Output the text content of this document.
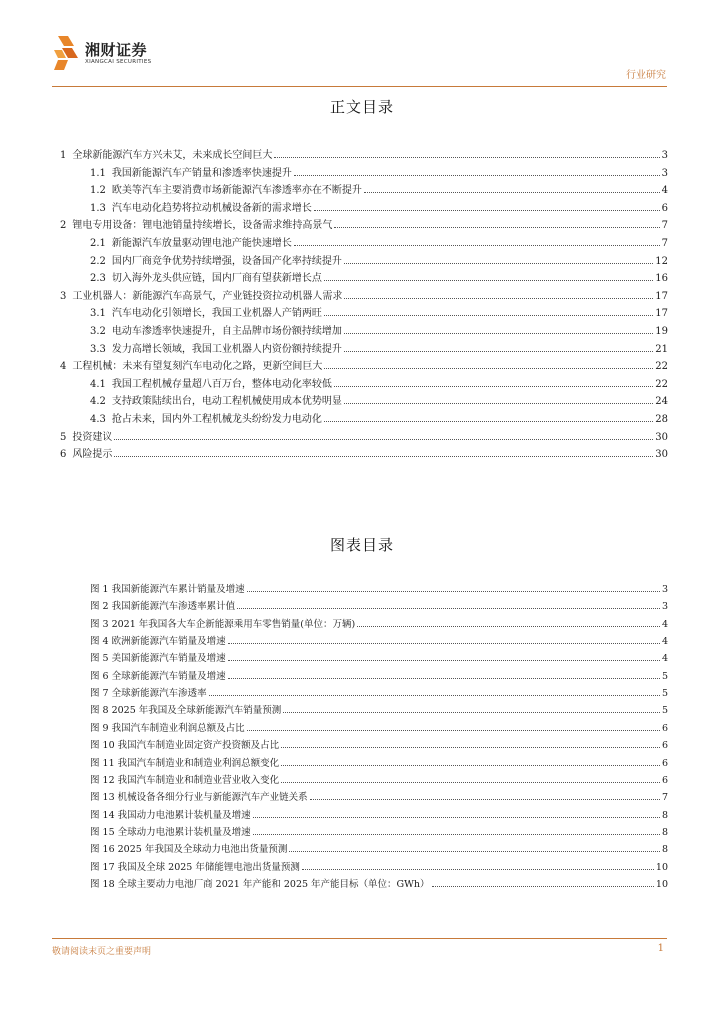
湘财证券
XIANGCAI SECURITIES
行业研究
正文目录
1 全球新能源汽车方兴未艾，未来成长空间巨大	3
1.1 我国新能源汽车产销量和渗透率快速提升	3
1.2 欧美等汽车主要消费市场新能源汽车渗透率亦在不断提升	4
1.3 汽车电动化趋势将拉动机械设备新的需求增长	6
2 锂电专用设备：锂电池销量持续增长，设备需求维持高景气	7
2.1 新能源汽车放量驱动锂电池产能快速增长	7
2.2 国内厂商竞争优势持续增强，设备国产化率持续提升	12
2.3 切入海外龙头供应链，国内厂商有望获新增长点	16
3 工业机器人：新能源汽车高景气，产业链投资拉动机器人需求	17
3.1 汽车电动化引领增长，我国工业机器人产销两旺	17
3.2 电动车渗透率快速提升，自主品牌市场份额持续增加	19
3.3 发力高增长领域，我国工业机器人内资份额持续提升	21
4 工程机械：未来有望复刻汽车电动化之路，更新空间巨大	22
4.1 我国工程机械存量超八百万台，整体电动化率较低	22
4.2 支持政策陆续出台，电动工程机械使用成本优势明显	24
4.3 抢占未来，国内外工程机械龙头纷纷发力电动化	28
5 投资建议	30
6 风险提示	30
图表目录
图 1 我国新能源汽车累计销量及增速	3
图 2 我国新能源汽车渗透率累计值	3
图 3 2021 年我国各大车企新能源乘用车零售销量(单位：万辆)	4
图 4 欧洲新能源汽车销量及增速	4
图 5 美国新能源汽车销量及增速	4
图 6 全球新能源汽车销量及增速	5
图 7 全球新能源汽车渗透率	5
图 8 2025 年我国及全球新能源汽车销量预测	5
图 9 我国汽车制造业利润总额及占比	6
图 10 我国汽车制造业固定资产投资额及占比	6
图 11 我国汽车制造业和制造业利润总额变化	6
图 12 我国汽车制造业和制造业营业收入变化	6
图 13 机械设备各细分行业与新能源汽车产业链关系	7
图 14 我国动力电池累计装机量及增速	8
图 15 全球动力电池累计装机量及增速	8
图 16 2025 年我国及全球动力电池出货量预测	8
图 17 我国及全球 2025 年储能锂电池出货量预测	10
图 18 全球主要动力电池厂商 2021 年产能和 2025 年产能目标（单位：GWh）	10
敬请阅读末页之重要声明	1
